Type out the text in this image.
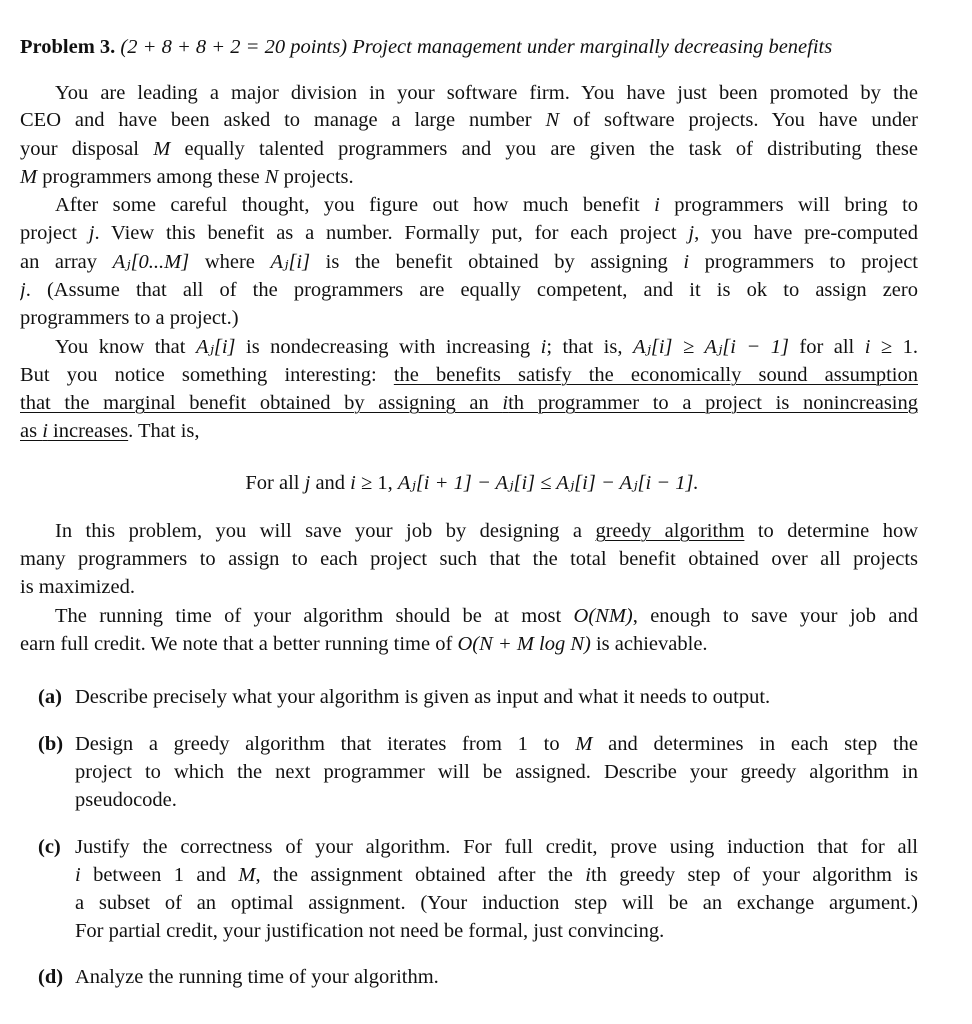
Problem 3. (2 + 8 + 8 + 2 = 20 points) Project management under marginally decreasing benefits
You are leading a major division in your software firm. You have just been promoted by the
CEO and have been asked to manage a large number N of software projects. You have under
your disposal M equally talented programmers and you are given the task of distributing these
M programmers among these N projects.
After some careful thought, you figure out how much benefit i programmers will bring to
project j. View this benefit as a number. Formally put, for each project j, you have pre-computed
an array Aⱼ[0...M] where Aⱼ[i] is the benefit obtained by assigning i programmers to project
j. (Assume that all of the programmers are equally competent, and it is ok to assign zero
programmers to a project.)
You know that Aⱼ[i] is nondecreasing with increasing i; that is, Aⱼ[i] ≥ Aⱼ[i − 1] for all i ≥ 1.
But you notice something interesting: the benefits satisfy the economically sound assumption
that the marginal benefit obtained by assigning an ith programmer to a project is nonincreasing
as i increases. That is,
In this problem, you will save your job by designing a greedy algorithm to determine how
many programmers to assign to each project such that the total benefit obtained over all projects
is maximized.
The running time of your algorithm should be at most O(NM), enough to save your job and
earn full credit. We note that a better running time of O(N + M log N) is achievable.
For all j and i ≥ 1, Aⱼ[i + 1] − Aⱼ[i] ≤ Aⱼ[i] − Aⱼ[i − 1].
(a) Describe precisely what your algorithm is given as input and what it needs to output.
(b) Design a greedy algorithm that iterates from 1 to M and determines in each step the
project to which the next programmer will be assigned. Describe your greedy algorithm in
pseudocode.
(c) Justify the correctness of your algorithm. For full credit, prove using induction that for all
i between 1 and M, the assignment obtained after the ith greedy step of your algorithm is
a subset of an optimal assignment. (Your induction step will be an exchange argument.)
For partial credit, your justification not need be formal, just convincing.
(d) Analyze the running time of your algorithm.
